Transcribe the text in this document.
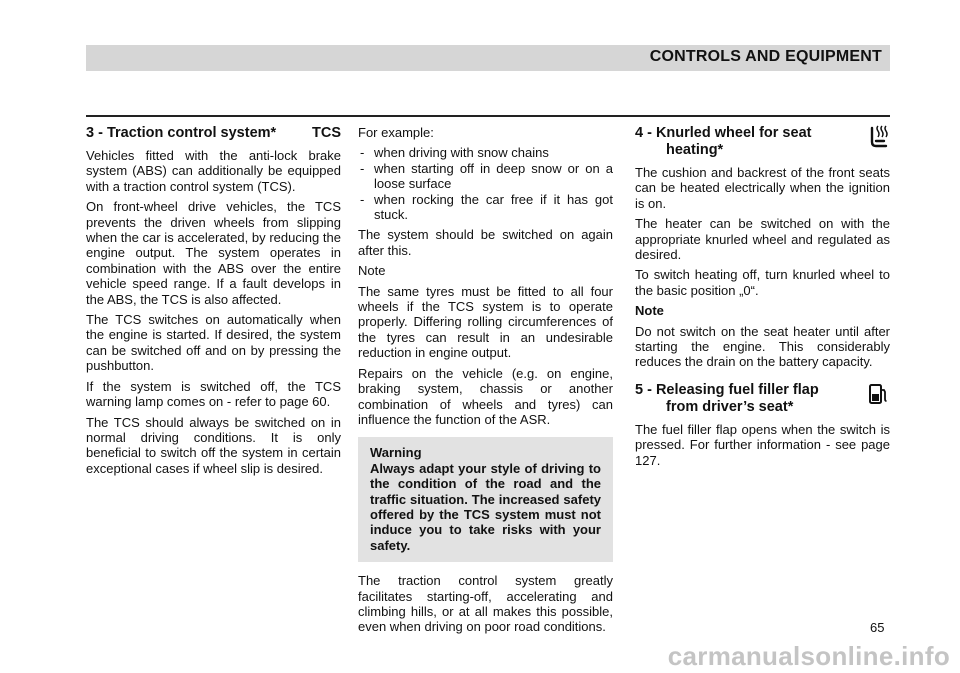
CONTROLS AND EQUIPMENT
3 - Traction control system* TCS

Vehicles fitted with the anti-lock brake system (ABS) can additionally be equipped with a traction control system (TCS).

On front-wheel drive vehicles, the TCS prevents the driven wheels from slipping when the car is accelerated, by reducing the engine output. The system operates in combination with the ABS over the entire vehicle speed range. If a fault develops in the ABS, the TCS is also affected.

The TCS switches on automatically when the engine is started. If desired, the system can be switched off and on by pressing the pushbutton.

If the system is switched off, the TCS warning lamp comes on - refer to page 60.

The TCS should always be switched on in normal driving conditions. It is only beneficial to switch off the system in certain exceptional cases if wheel slip is desired.

For example:

- when driving with snow chains
- when starting off in deep snow or on a loose surface
- when rocking the car free if it has got stuck.

The system should be switched on again after this.

Note

The same tyres must be fitted to all four wheels if the TCS system is to operate properly. Differing rolling circumferences of the tyres can result in an undesirable reduction in engine output.

Repairs on the vehicle (e.g. on engine, braking system, chassis or another combination of wheels and tyres) can influence the function of the ASR.

Warning

Always adapt your style of driving to the condition of the road and the traffic situation. The increased safety offered by the TCS system must not induce you to take risks with your safety.

The traction control system greatly facilitates starting-off, accelerating and climbing hills, or at all makes this possible, even when driving on poor road conditions.

4 - Knurled wheel for seat
heating*

The cushion and backrest of the front seats can be heated electrically when the ignition is on.

The heater can be switched on with the appropriate knurled wheel and regulated as desired.

To switch heating off, turn knurled wheel to the basic position „0“.

Note

Do not switch on the seat heater until after starting the engine. This considerably reduces the drain on the battery capacity.

5 - Releasing fuel filler flap
from driver’s seat*

The fuel filler flap opens when the switch is pressed. For further information - see page 127.

65
carmanualsonline.info
